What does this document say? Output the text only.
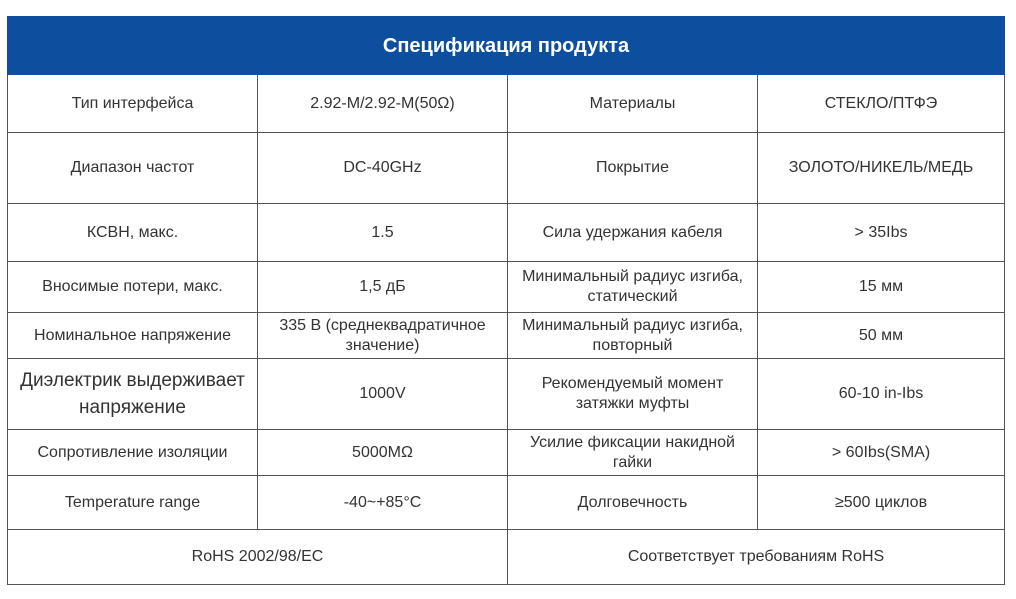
Спецификация продукта			
Тип интерфейса	2.92-M/2.92-M(50Ω)	Материалы	СТЕКЛО/ПТФЭ
Диапазон частот	DC-40GHz	Покрытие	ЗОЛОТО/НИКЕЛЬ/МЕДЬ
КСВН, макс.	1.5	Сила удержания кабеля	> 35Ibs
Вносимые потери, макс.	1,5 дБ	Минимальный радиус изгиба, статический	15 мм
Номинальное напряжение	335 В (среднеквадратичное значение)	Минимальный радиус изгиба, повторный	50 мм
Диэлектрик выдерживает напряжение	1000V	Рекомендуемый момент затяжки муфты	60-10 in-Ibs
Сопротивление изоляции	5000MΩ	Усилие фиксации накидной гайки	> 60Ibs(SMA)
Temperature range	-40~+85°C	Долговечность	≥500 циклов
RoHS 2002/98/EC		Соответствует требованиям RoHS	
